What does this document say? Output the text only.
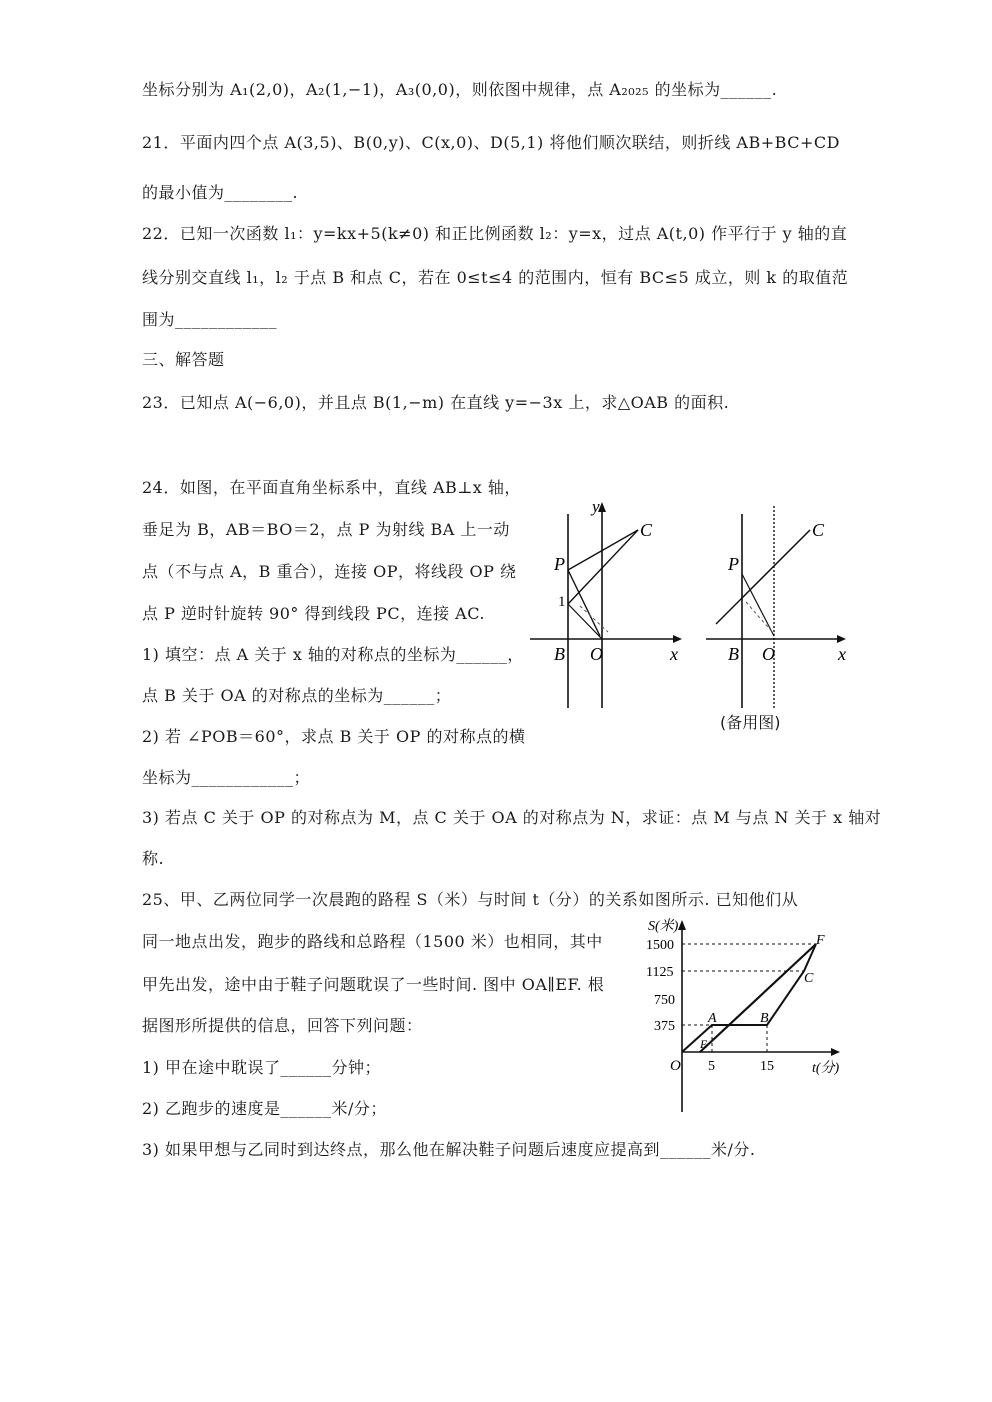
坐标分别为 A₁(2,0)，A₂(1,−1)，A₃(0,0)，则依图中规律，点 A₂₀₂₅ 的坐标为______.
21．平面内四个点 A(3,5)、B(0,y)、C(x,0)、D(5,1) 将他们顺次联结，则折线 AB+BC+CD
的最小值为________.
22．已知一次函数 l₁：y=kx+5(k≠0) 和正比例函数 l₂：y=x，过点 A(t,0) 作平行于 y 轴的直
线分别交直线 l₁，l₂ 于点 B 和点 C，若在 0≤t≤4 的范围内，恒有 BC≤5 成立，则 k 的取值范
围为____________
三、解答题
23．已知点 A(−6,0)，并且点 B(1,−m) 在直线 y=−3x 上，求△OAB 的面积.
24．如图，在平面直角坐标系中，直线 AB⊥x 轴，
垂足为 B，AB＝BO＝2，点 P 为射线 BA 上一动
点（不与点 A，B 重合），连接 OP，将线段 OP 绕
点 P 逆时针旋转 90° 得到线段 PC，连接 AC.
1) 填空：点 A 关于 x 轴的对称点的坐标为______，
点 B 关于 OA 的对称点的坐标为______；
2) 若 ∠POB＝60°，求点 B 关于 OP 的对称点的横
坐标为____________；
3) 若点 C 关于 OP 的对称点为 M，点 C 关于 OA 的对称点为 N，求证：点 M 与点 N 关于 x 轴对
称.
25、甲、乙两位同学一次晨跑的路程 S（米）与时间 t（分）的关系如图所示. 已知他们从
同一地点出发，跑步的路线和总路程（1500 米）也相同，其中
甲先出发，途中由于鞋子问题耽误了一些时间. 图中 OA∥EF. 根
据图形所提供的信息，回答下列问题：
1) 甲在途中耽误了______分钟；
2) 乙跑步的速度是______米/分；
3) 如果甲想与乙同时到达终点，那么他在解决鞋子问题后速度应提高到______米/分.
y
C
P
1
B O	x
C
P
B O	x
(备用图)
1500
1125
750
375
5	15
O
S(米)
t(分)
A	B
C
E
F
